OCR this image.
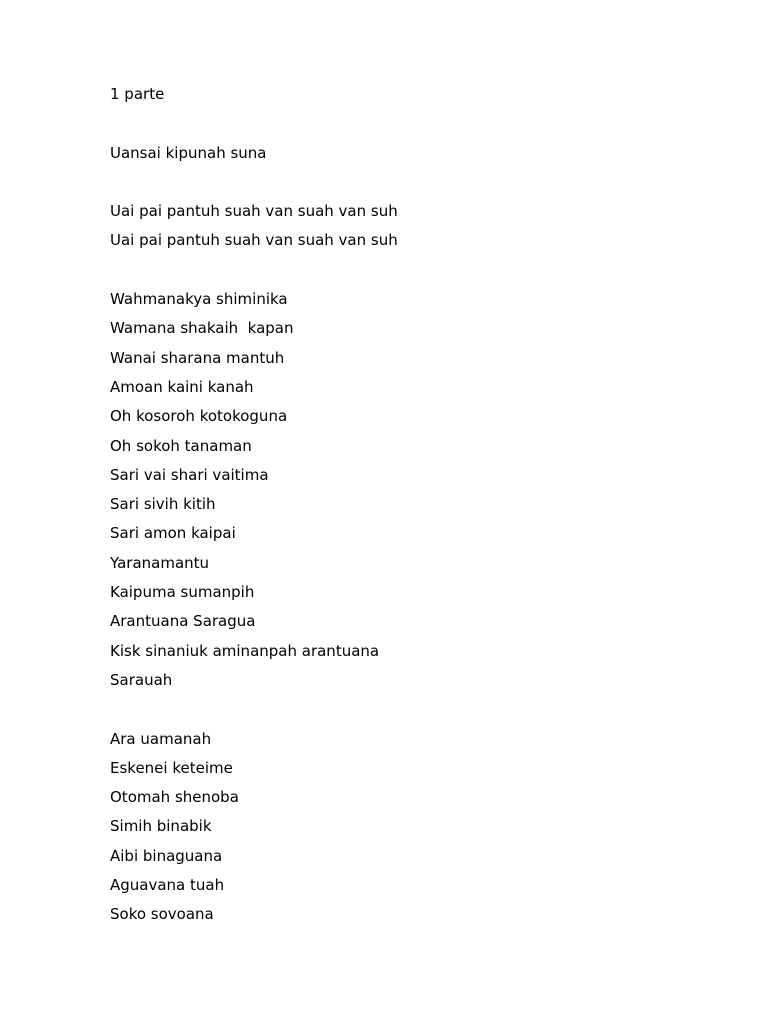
1 parte
Uansai kipunah suna
Uai pai pantuh suah van suah van suh
Uai pai pantuh suah van suah van suh
Wahmanakya shiminika
Wamana shakaih  kapan
Wanai sharana mantuh
Amoan kaini kanah
Oh kosoroh kotokoguna
Oh sokoh tanaman
Sari vai shari vaitima
Sari sivih kitih
Sari amon kaipai
Yaranamantu
Kaipuma sumanpih
Arantuana Saragua
Kisk sinaniuk aminanpah arantuana
Sarauah
Ara uamanah
Eskenei keteime
Otomah shenoba
Simih binabik
Aibi binaguana
Aguavana tuah
Soko sovoana
